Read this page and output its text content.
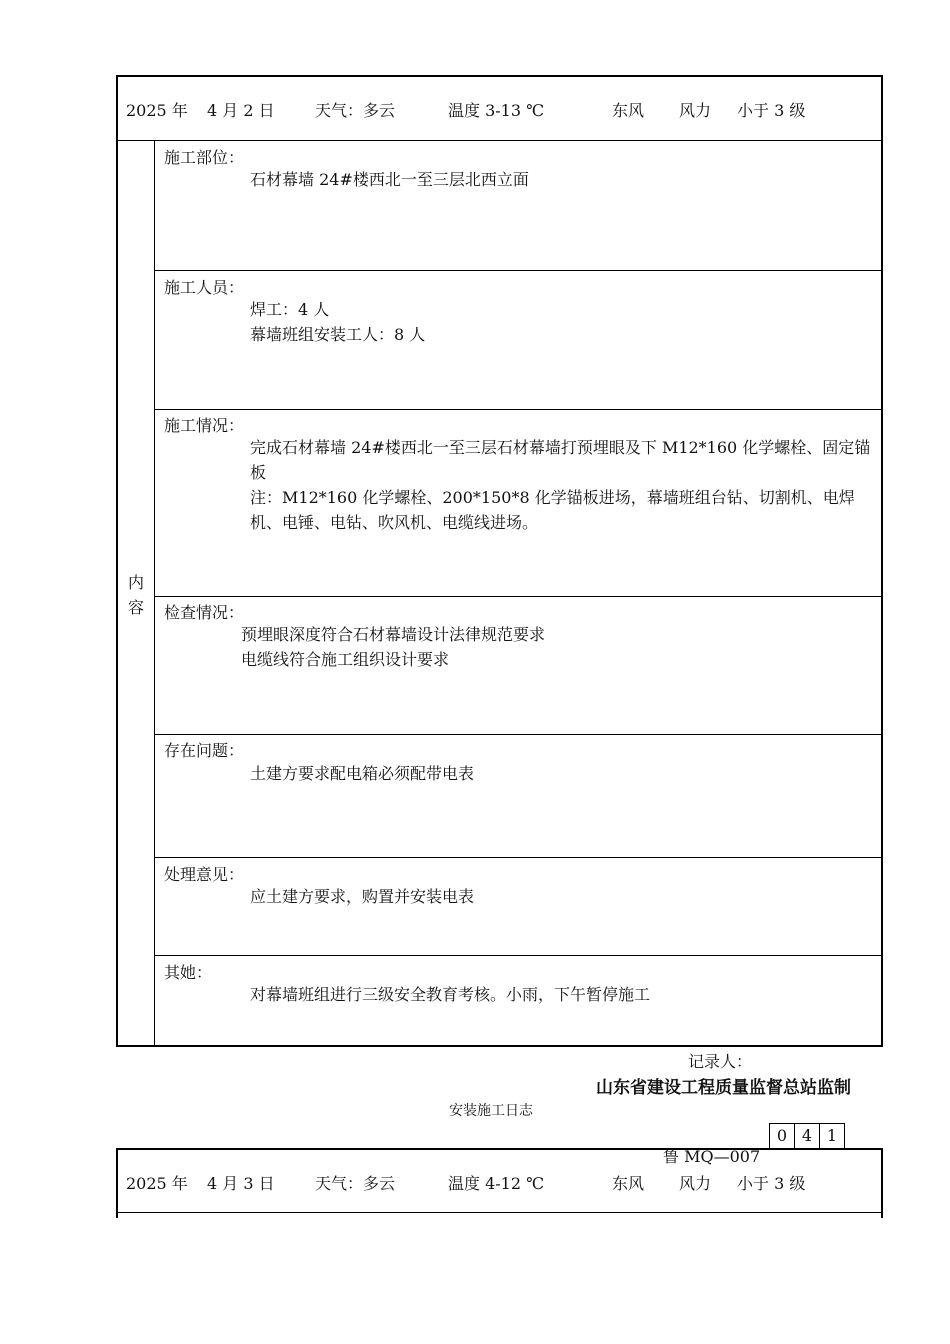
2025 年 4 月 2 日	天气：多云	温度 3-13 ℃	东风 风力 小于 3 级
内
容
施工部位：
石材幕墙 24#楼西北一至三层北西立面
施工人员：
焊工：4 人
幕墙班组安装工人：8 人
施工情况：
完成石材幕墙 24#楼西北一至三层石材幕墙打预埋眼及下 M12*160 化学螺栓、固定锚板
注：M12*160 化学螺栓、200*150*8 化学锚板进场，幕墙班组台钻、切割机、电焊机、电锤、电钻、吹风机、电缆线进场。
检查情况：
预埋眼深度符合石材幕墙设计法律规范要求
电缆线符合施工组织设计要求
存在问题：
土建方要求配电箱必须配带电表
处理意见：
应土建方要求，购置并安装电表
其她：
对幕墙班组进行三级安全教育考核。小雨，下午暂停施工
记录人：
山东省建设工程质量监督总站监制
安装施工日志
0 4 1
鲁 MQ—007
2025 年 4 月 3 日	天气：多云	温度 4-12 ℃	东风 风力 小于 3 级
